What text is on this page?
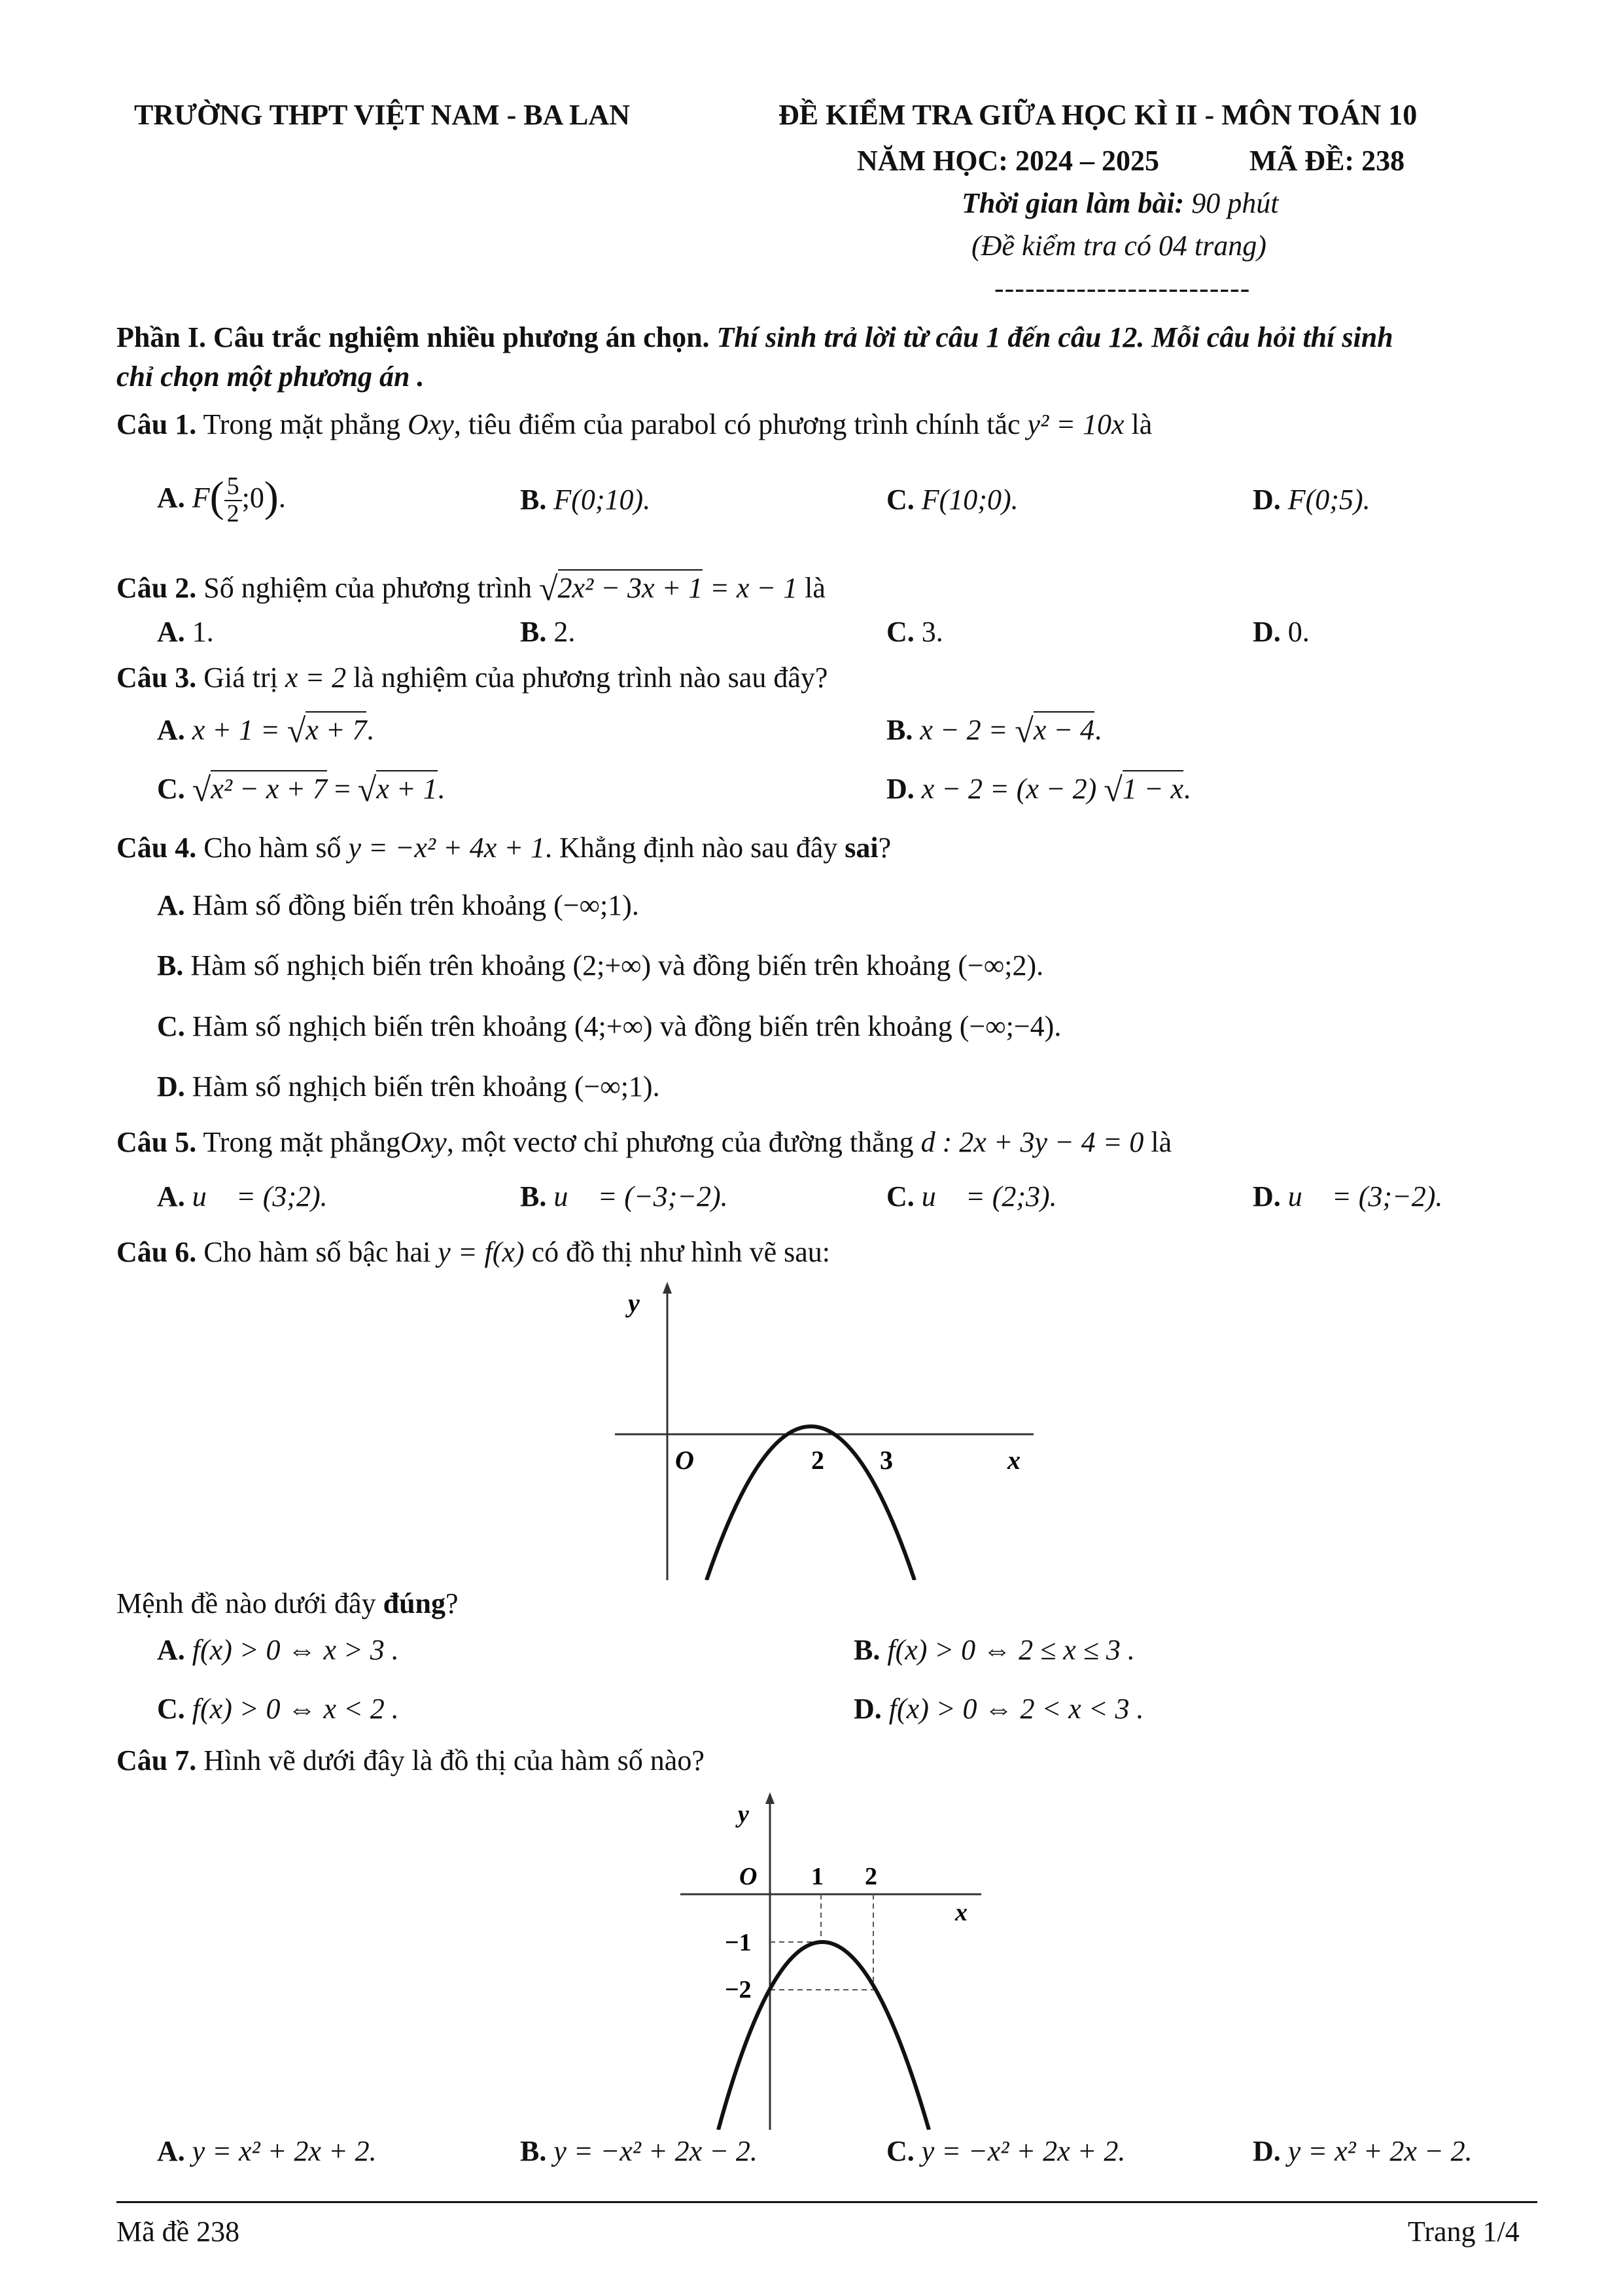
TRƯỜNG THPT VIỆT NAM - BA LAN	ĐỀ KIỂM TRA GIỮA HỌC KÌ II - MÔN TOÁN 10
NĂM HỌC: 2024 – 2025	MÃ ĐỀ: 238
Thời gian làm bài: 90 phút
(Đề kiểm tra có 04 trang)
-------------------------
Phần I. Câu trắc nghiệm nhiều phương án chọn. Thí sinh trả lời từ câu 1 đến câu 12. Mỗi câu hỏi thí sinh
chỉ chọn một phương án .
Câu 1. Trong mặt phẳng Oxy, tiêu điểm của parabol có phương trình chính tắc y² = 10x là
A. $F( \frac{5}{2}$ ;0).	B. F(0;10).	C. F(10;0).	D. F(0;5).
Câu 2. Số nghiệm của phương trình √2x² − 3x + 1 = x − 1 là
A. 1.	B. 2.	C. 3.	D. 0.
Câu 3. Giá trị x = 2 là nghiệm của phương trình nào sau đây?
A. x + 1 = √x + 7.	B. x − 2 = √x − 4.
C. √x² − x + 7 = √x + 1.	D. x − 2 = (x − 2) √1 − x.
Câu 4. Cho hàm số y = −x² + 4x + 1. Khẳng định nào sau đây sai?
A. Hàm số đồng biến trên khoảng (−∞;1).
B. Hàm số nghịch biến trên khoảng (2;+∞) và đồng biến trên khoảng (−∞;2).
C. Hàm số nghịch biến trên khoảng (4;+∞) và đồng biến trên khoảng (−∞;−4).
D. Hàm số nghịch biến trên khoảng (−∞;1).
Câu 5. Trong mặt phẳngOxy, một vectơ chỉ phương của đường thẳng d : 2x + 3y − 4 = 0 là
A. u⃗ = (3;2).	B. u⃗ = (−3;−2).	C. u⃗ = (2;3).	D. u⃗ = (3;−2).
Câu 6. Cho hàm số bậc hai y = f(x) có đồ thị như hình vẽ sau:
y
O	2 3	x
Mệnh đề nào dưới đây đúng?
A. f(x) > 0 ⇔ x > 3 .	B. f(x) > 0 ⇔ 2 ≤ x ≤ 3 .
C. f(x) > 0 ⇔ x < 2 .	D. f(x) > 0 ⇔ 2 < x < 3 .
Câu 7. Hình vẽ dưới đây là đồ thị của hàm số nào?
y
O 1 2
x
−1
−2
A. y = x² + 2x + 2.	B. y = −x² + 2x − 2.	C. y = −x² + 2x + 2.	D. y = x² + 2x − 2.
Mã đề 238	Trang 1/4
